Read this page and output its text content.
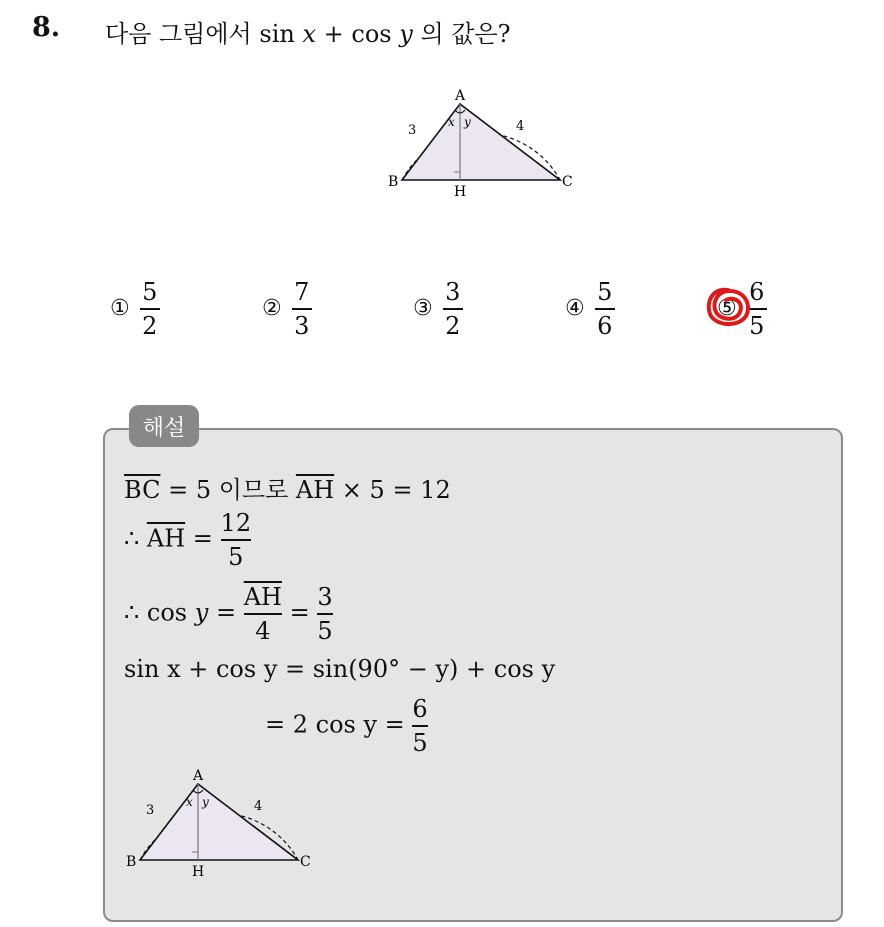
8. 다음 그림에서 sin x + cos y 의 값은?
A
B	C
H
3	4
x y
① $\frac{5}{2}$	② $\frac{7}{3}$	③ $\frac{3}{2}$	④ $\frac{5}{6}$	⑤ $\frac{6}{5}$
해설
$\overline{BC} = 5$ 이므로 $\overline{AH} \times 5 = 12$
∴ $\overline{AH} = \frac{12}{5}$
∴ $\cos y = \frac{\overline{AH}}{4} = \frac{3}{5}$
sin x + cos y = sin(90° − y) + cos y
= 2 $\cos y = \frac{6}{5}$
A
B	C
H
3	4
x y
